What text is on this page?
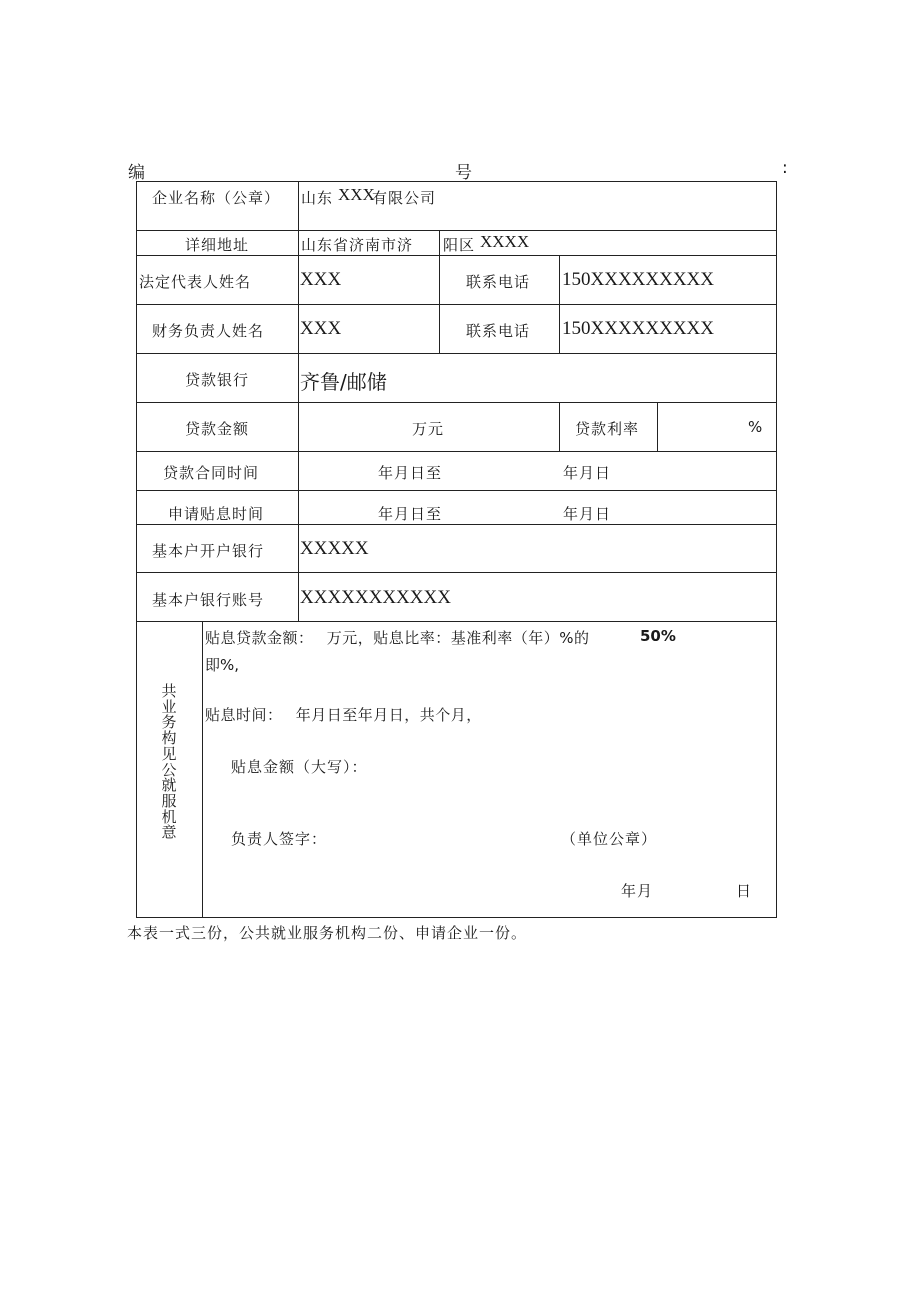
编	号	:
企业名称（公章） 山东 XXX
有限公司
详细地址	山东省济南市济 阳区 XXXX
法定代表人姓名	XXX	联系电话 150XXXXXXXXX
财务负责人姓名 XXX	联系电话 150XXXXXXXXX
贷款银行	齐鲁/邮储
贷款金额	万元	贷款利率	%
贷款合同时间	年月日至	年月日
申请贴息时间	年月日至	年月日
基本户开户银行 XXXXX
基本户银行账号 XXXXXXXXXXX
共业务构见公就服机意
贴息贷款金额：　 万元，贴息比率：基准利率（年）%的	50%
即%,
贴息时间：　 年月日至年月日，共个月，
贴息金额（大写）：
负责人签字：	（单位公章）
年月	日
本表一式三份，公共就业服务机构二份、申请企业一份。
